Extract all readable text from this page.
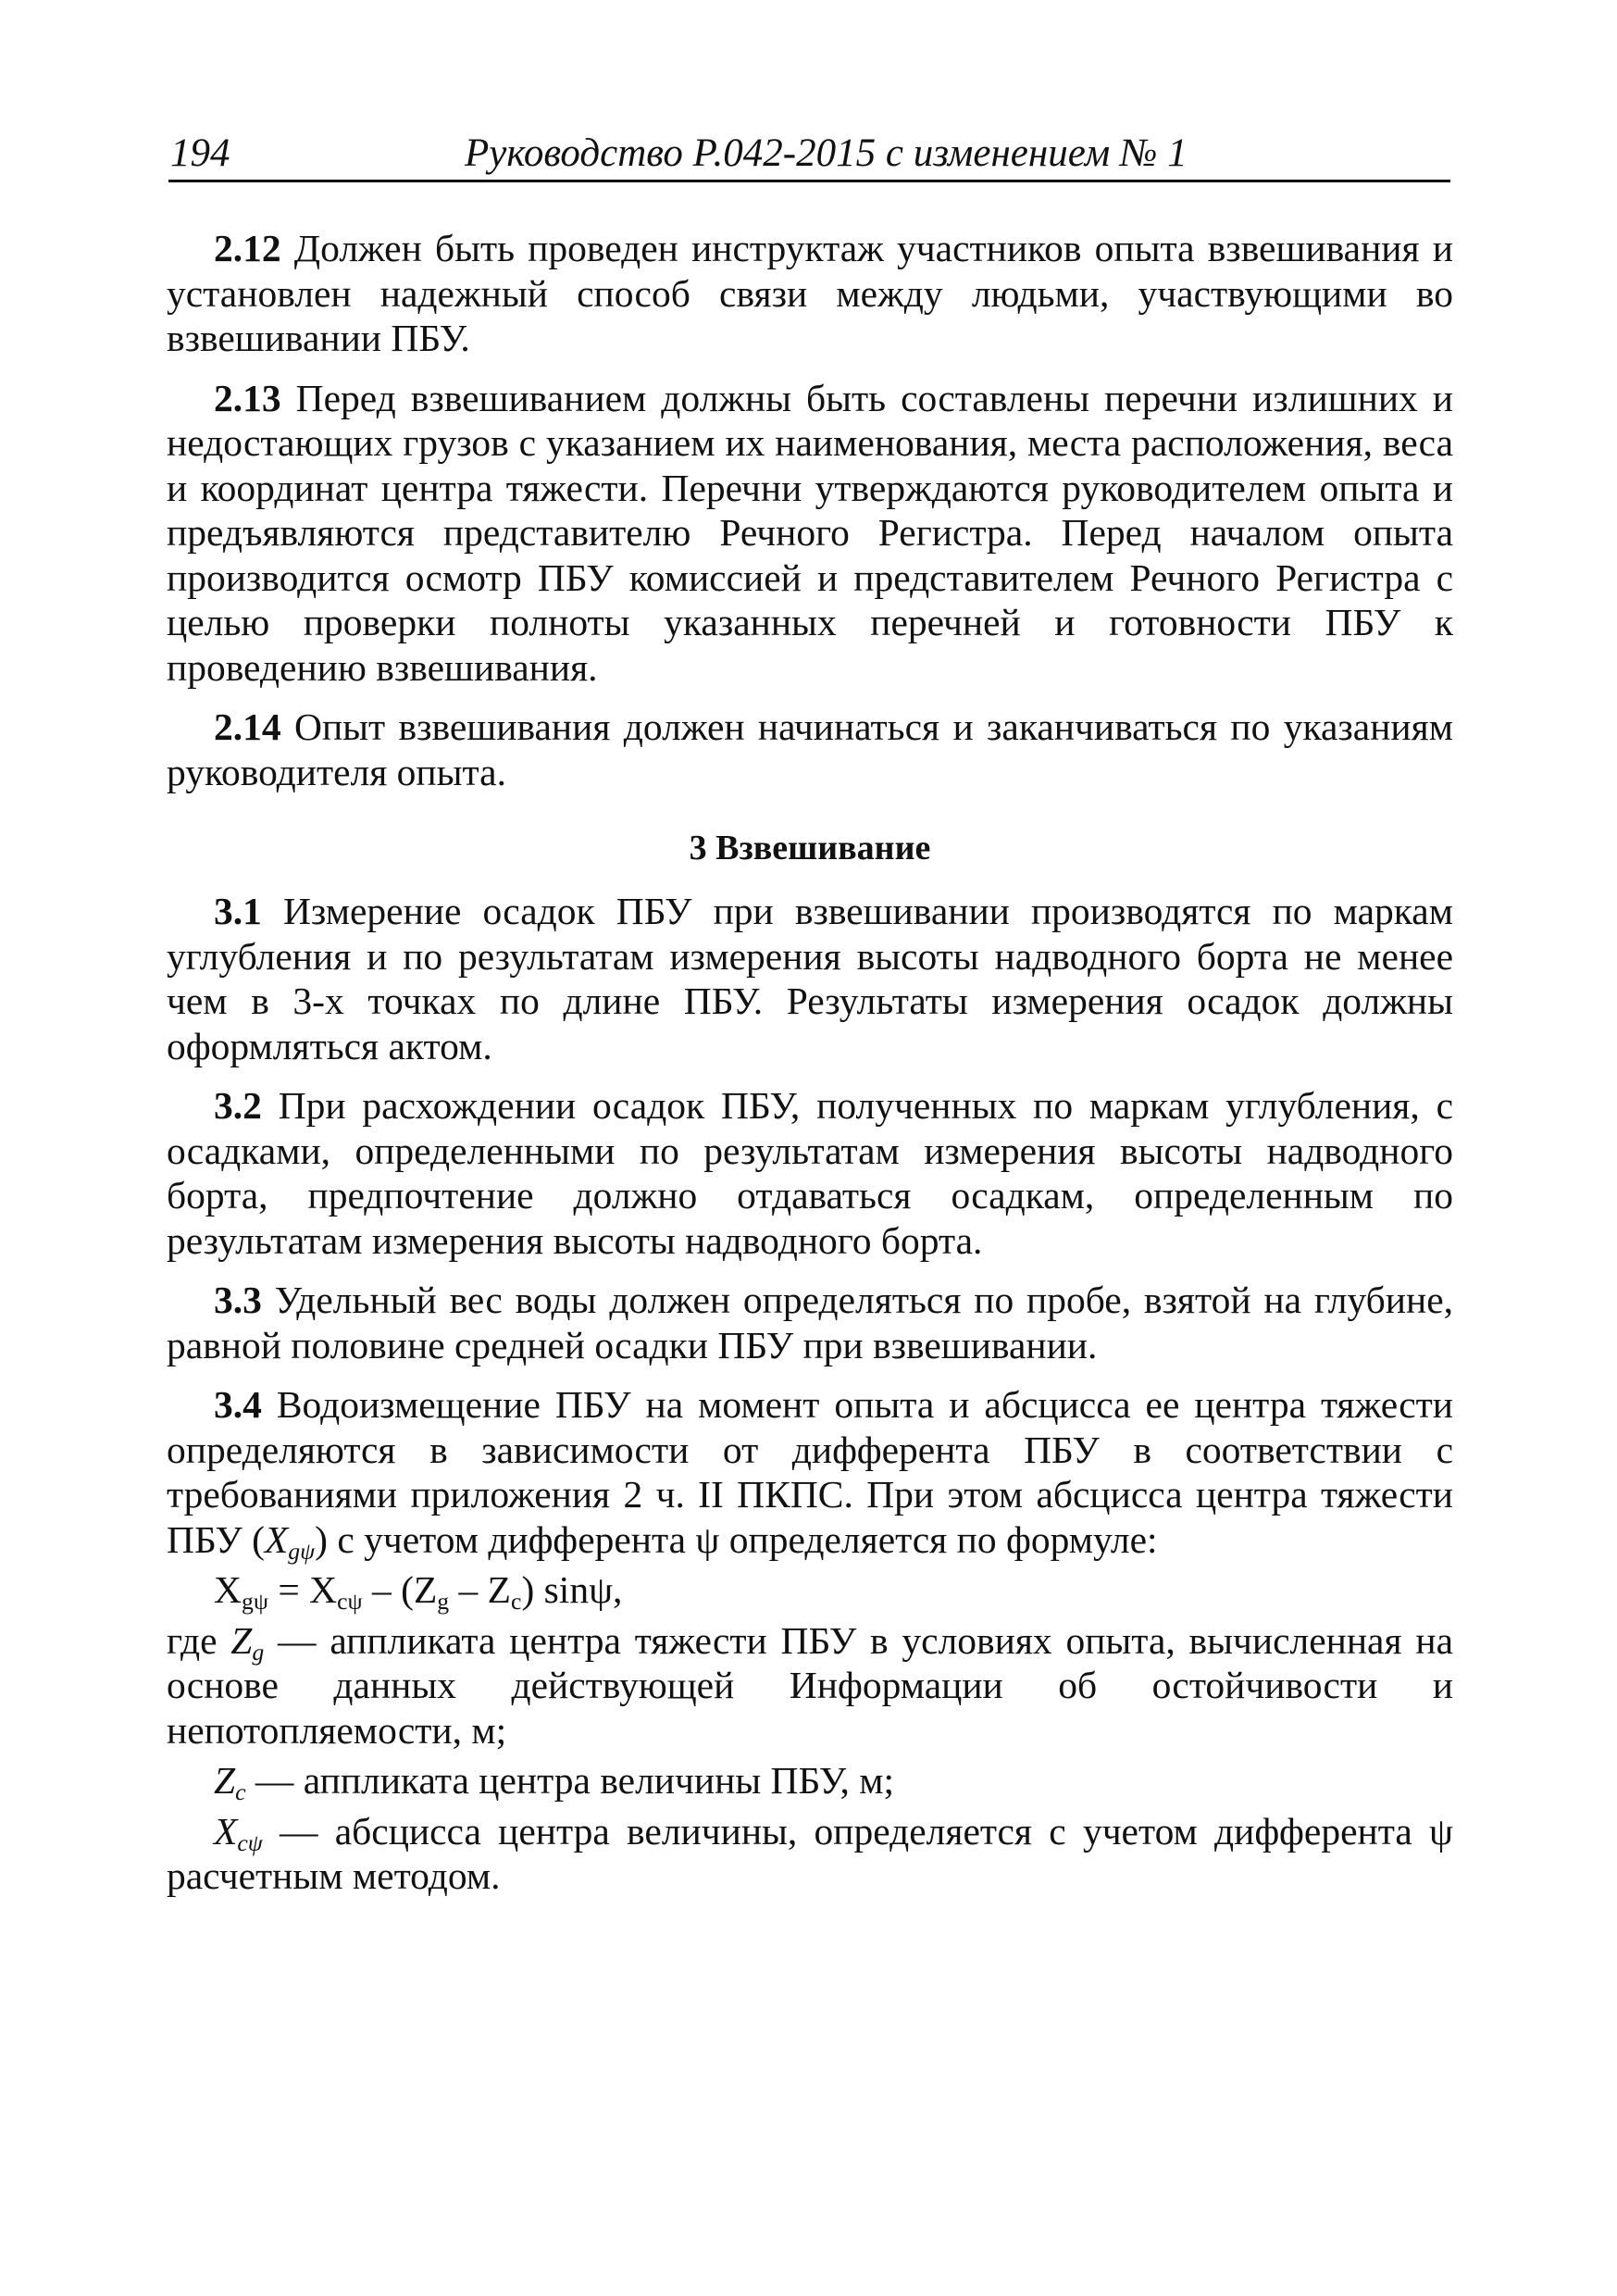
194	Руководство Р.042-2015 с изменением № 1

2.12 Должен быть проведен инструктаж участников опыта взвешивания и установлен надежный способ связи между людьми, участвующими во взвешивании ПБУ.

2.13 Перед взвешиванием должны быть составлены перечни излишних и недостающих грузов с указанием их наименования, места расположения, веса и координат центра тяжести. Перечни утверждаются руководителем опыта и предъявляются представителю Речного Регистра. Перед началом опыта производится осмотр ПБУ комиссией и представителем Речного Регистра с целью проверки полноты указанных перечней и готовности ПБУ к проведению взвешивания.

2.14 Опыт взвешивания должен начинаться и заканчиваться по указаниям руководителя опыта.

3 Взвешивание

3.1 Измерение осадок ПБУ при взвешивании производятся по маркам углубления и по результатам измерения высоты надводного борта не менее чем в 3-х точках по длине ПБУ. Результаты измерения осадок должны оформляться актом.

3.2 При расхождении осадок ПБУ, полученных по маркам углубления, с осадками, определенными по результатам измерения высоты надводного борта, предпочтение должно отдаваться осадкам, определенным по результатам измерения высоты надводного борта.

3.3 Удельный вес воды должен определяться по пробе, взятой на глубине, равной половине средней осадки ПБУ при взвешивании.

3.4 Водоизмещение ПБУ на момент опыта и абсцисса ее центра тяжести определяются в зависимости от дифферента ПБУ в соответствии с требованиями приложения 2 ч. II ПКПС. При этом абсцисса центра тяжести ПБУ $(X_{g\psi})$ с учетом дифферента ψ определяется по формуле:

$X_{g\psi} = X_{c\psi} - (Z_g - Z_c)$ sinψ,

где $Z_g$ — аппликата центра тяжести ПБУ в условиях опыта, вычисленная на основе данных действующей Информации об остойчивости и непотопляемости, м;

$Z_c$ — аппликата центра величины ПБУ, м;

$X_{c\psi}$ — абсцисса центра величины, определяется с учетом дифферента ψ расчетным методом.
